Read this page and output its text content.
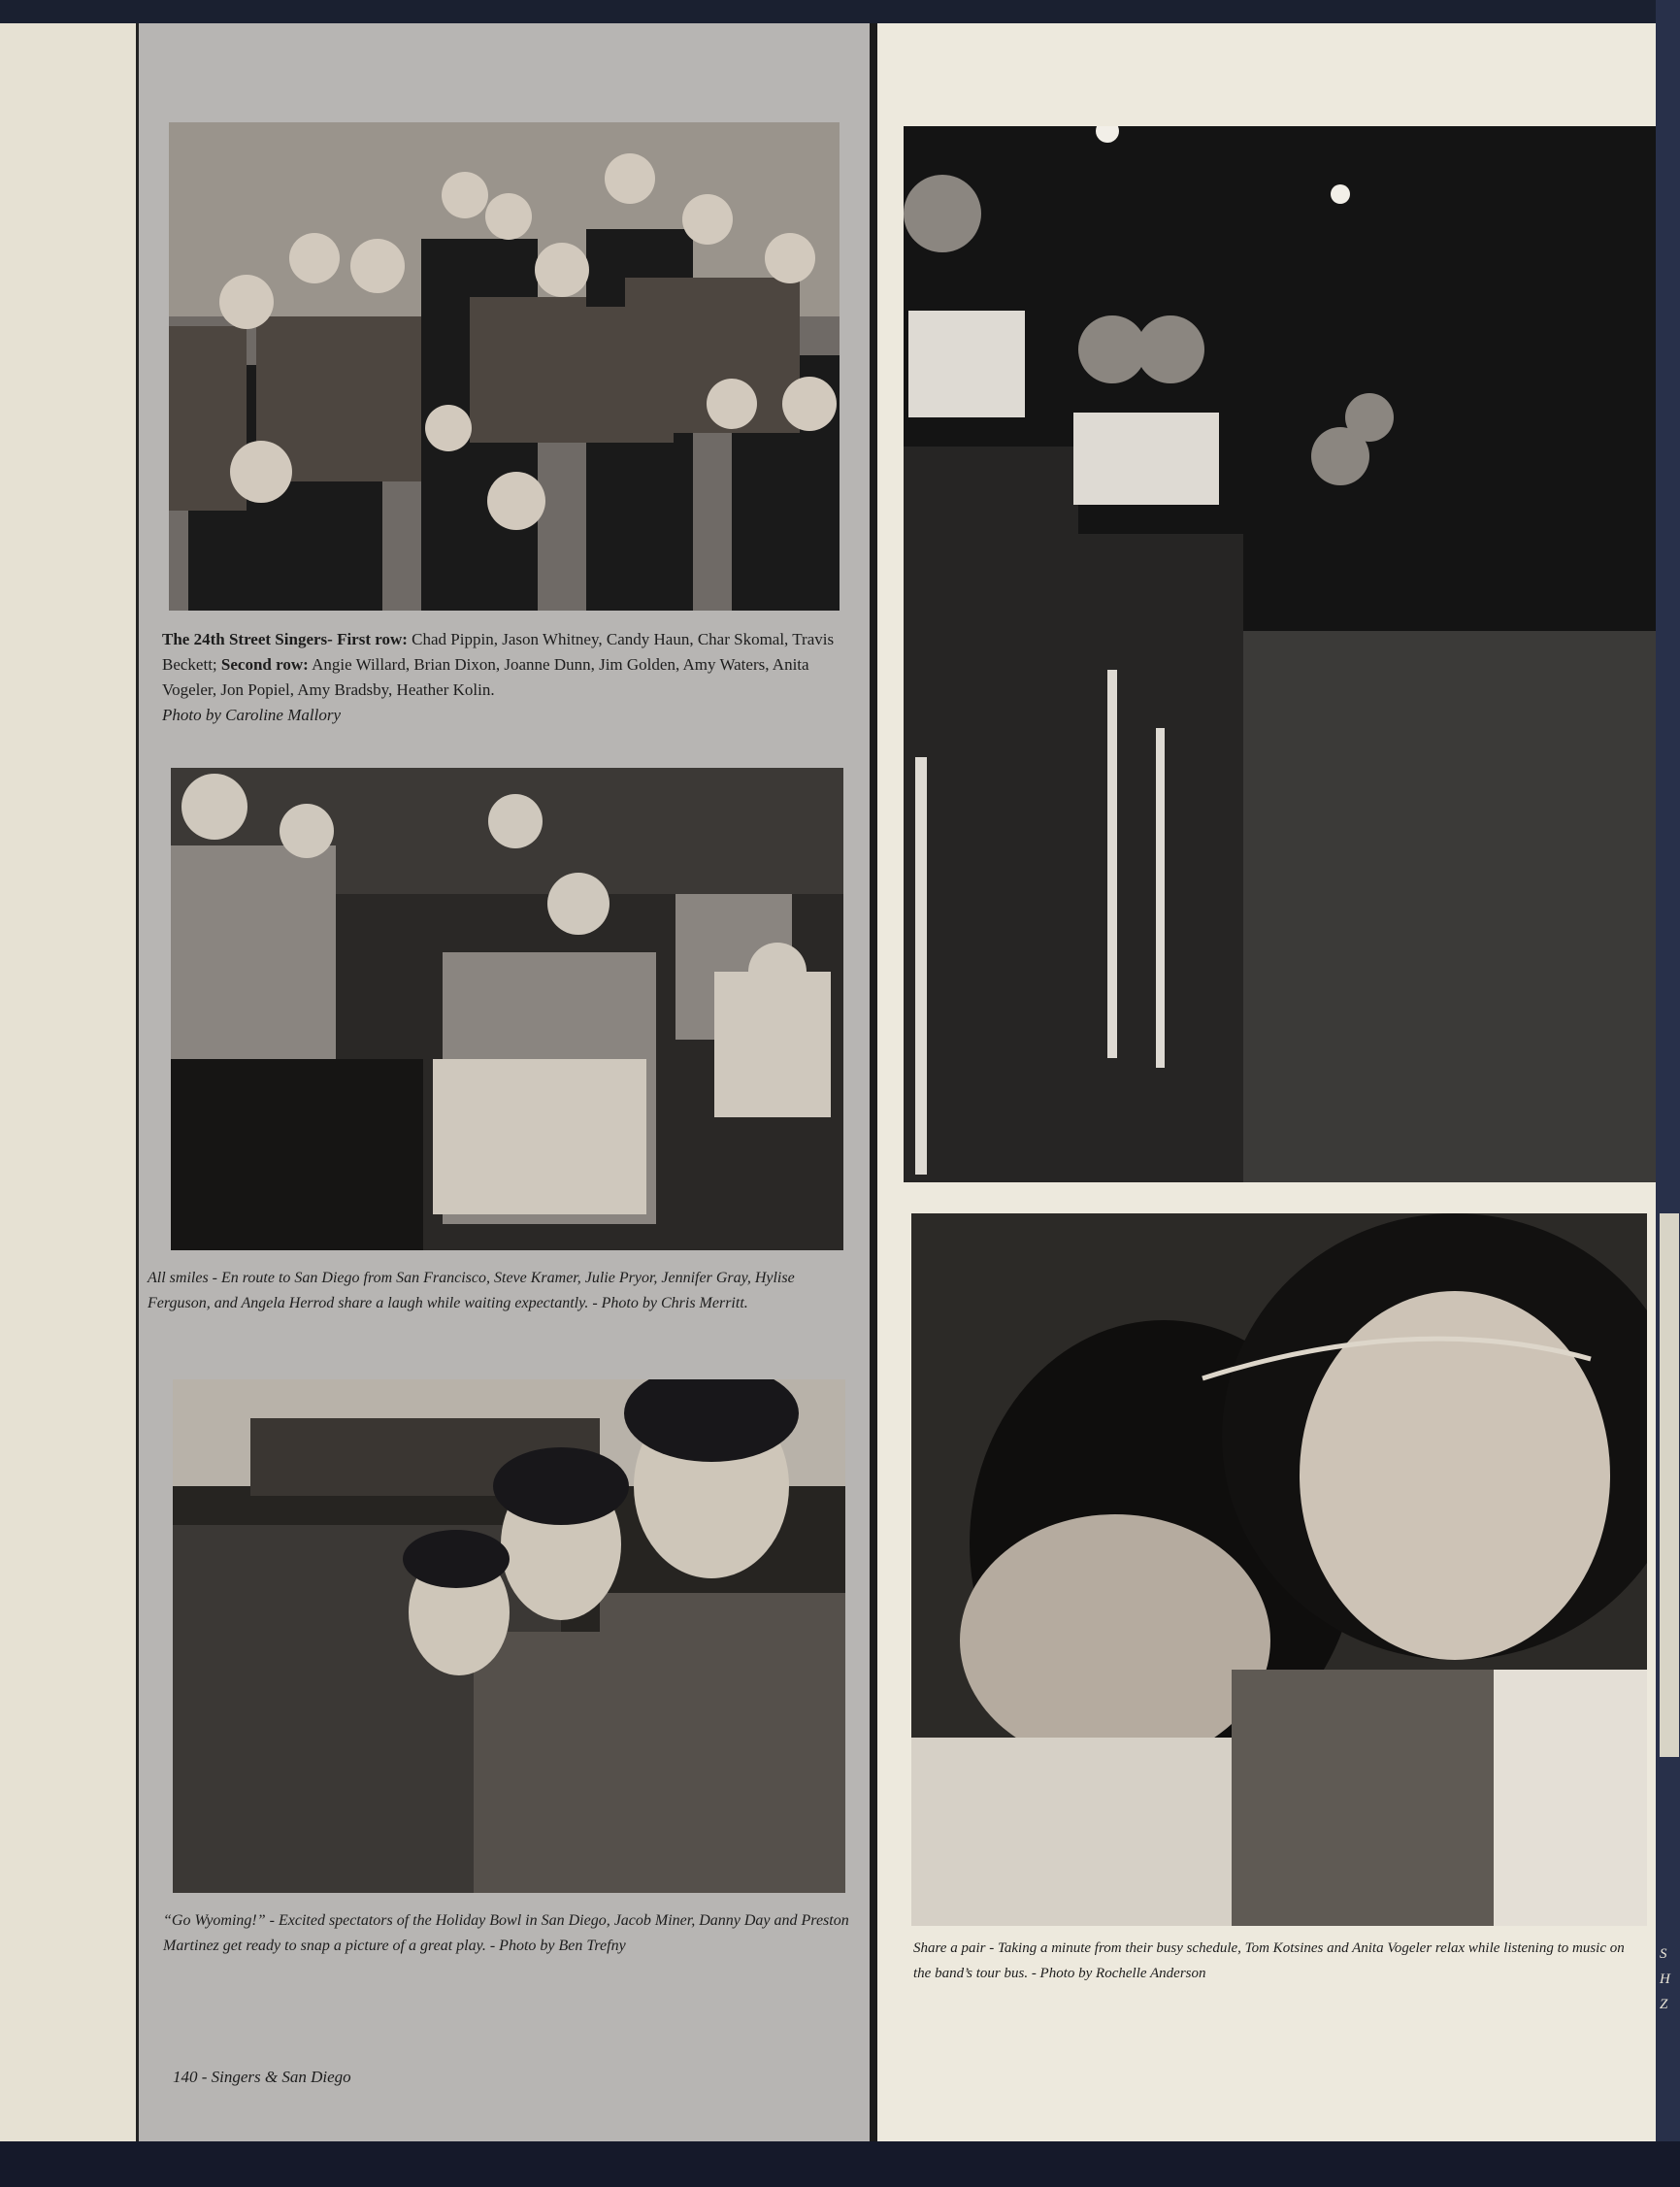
The 24th Street Singers- First row: Chad Pippin, Jason Whitney, Candy Haun, Char Skomal, Travis Beckett; Second row: Angie Willard, Brian Dixon, Joanne Dunn, Jim Golden, Amy Waters, Anita Vogeler, Jon Popiel, Amy Bradsby, Heather Kolin.
Photo by Caroline Mallory
All smiles - En route to San Diego from San Francisco, Steve Kramer, Julie Pryor, Jennifer Gray, Hylise Ferguson, and Angela Herrod share a laugh while waiting expectantly. - Photo by Chris Merritt.
“Go Wyoming!” - Excited spectators of the Holiday Bowl in San Diego, Jacob Miner, Danny Day and Preston Martinez get ready to snap a picture of a great play. - Photo by Ben Trefny
140 - Singers & San Diego
Share a pair - Taking a minute from their busy schedule, Tom Kotsines and Anita Vogeler relax while listening to music on the band’s tour bus. - Photo by Rochelle Anderson
S H Z
